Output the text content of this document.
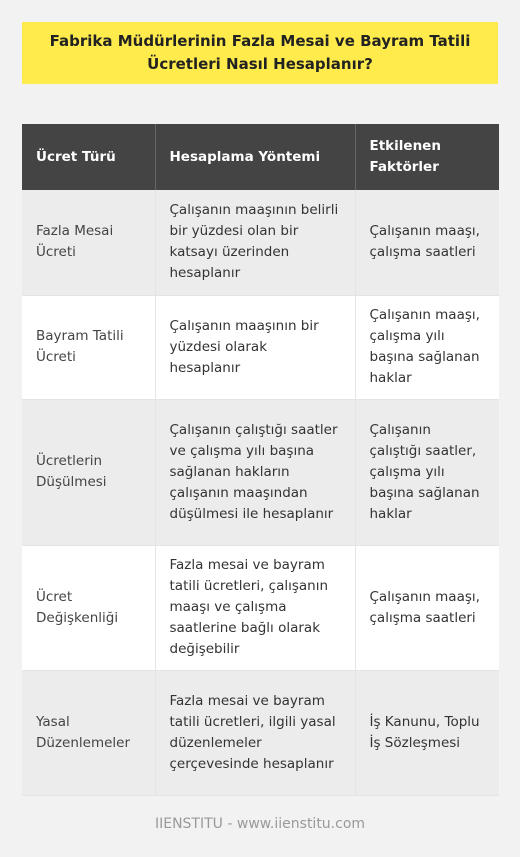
Fabrika Müdürlerinin Fazla Mesai ve Bayram Tatili Ücretleri Nasıl Hesaplanır?
Ücret Türü	Hesaplama Yöntemi	Etkilenen Faktörler
Fazla Mesai Ücreti	Çalışanın maaşının belirli bir yüzdesi olan bir katsayı üzerinden hesaplanır	Çalışanın maaşı, çalışma saatleri
Bayram Tatili Ücreti	Çalışanın maaşının bir yüzdesi olarak hesaplanır	Çalışanın maaşı, çalışma yılı başına sağlanan haklar
Ücretlerin Düşülmesi	Çalışanın çalıştığı saatler ve çalışma yılı başına sağlanan hakların çalışanın maaşından düşülmesi ile hesaplanır	Çalışanın çalıştığı saatler, çalışma yılı başına sağlanan haklar
Ücret Değişkenliği	Fazla mesai ve bayram tatili ücretleri, çalışanın maaşı ve çalışma saatlerine bağlı olarak değişebilir	Çalışanın maaşı, çalışma saatleri
Yasal Düzenlemeler	Fazla mesai ve bayram tatili ücretleri, ilgili yasal düzenlemeler çerçevesinde hesaplanır	İş Kanunu, Toplu İş Sözleşmesi
IIENSTITU - www.iienstitu.com
